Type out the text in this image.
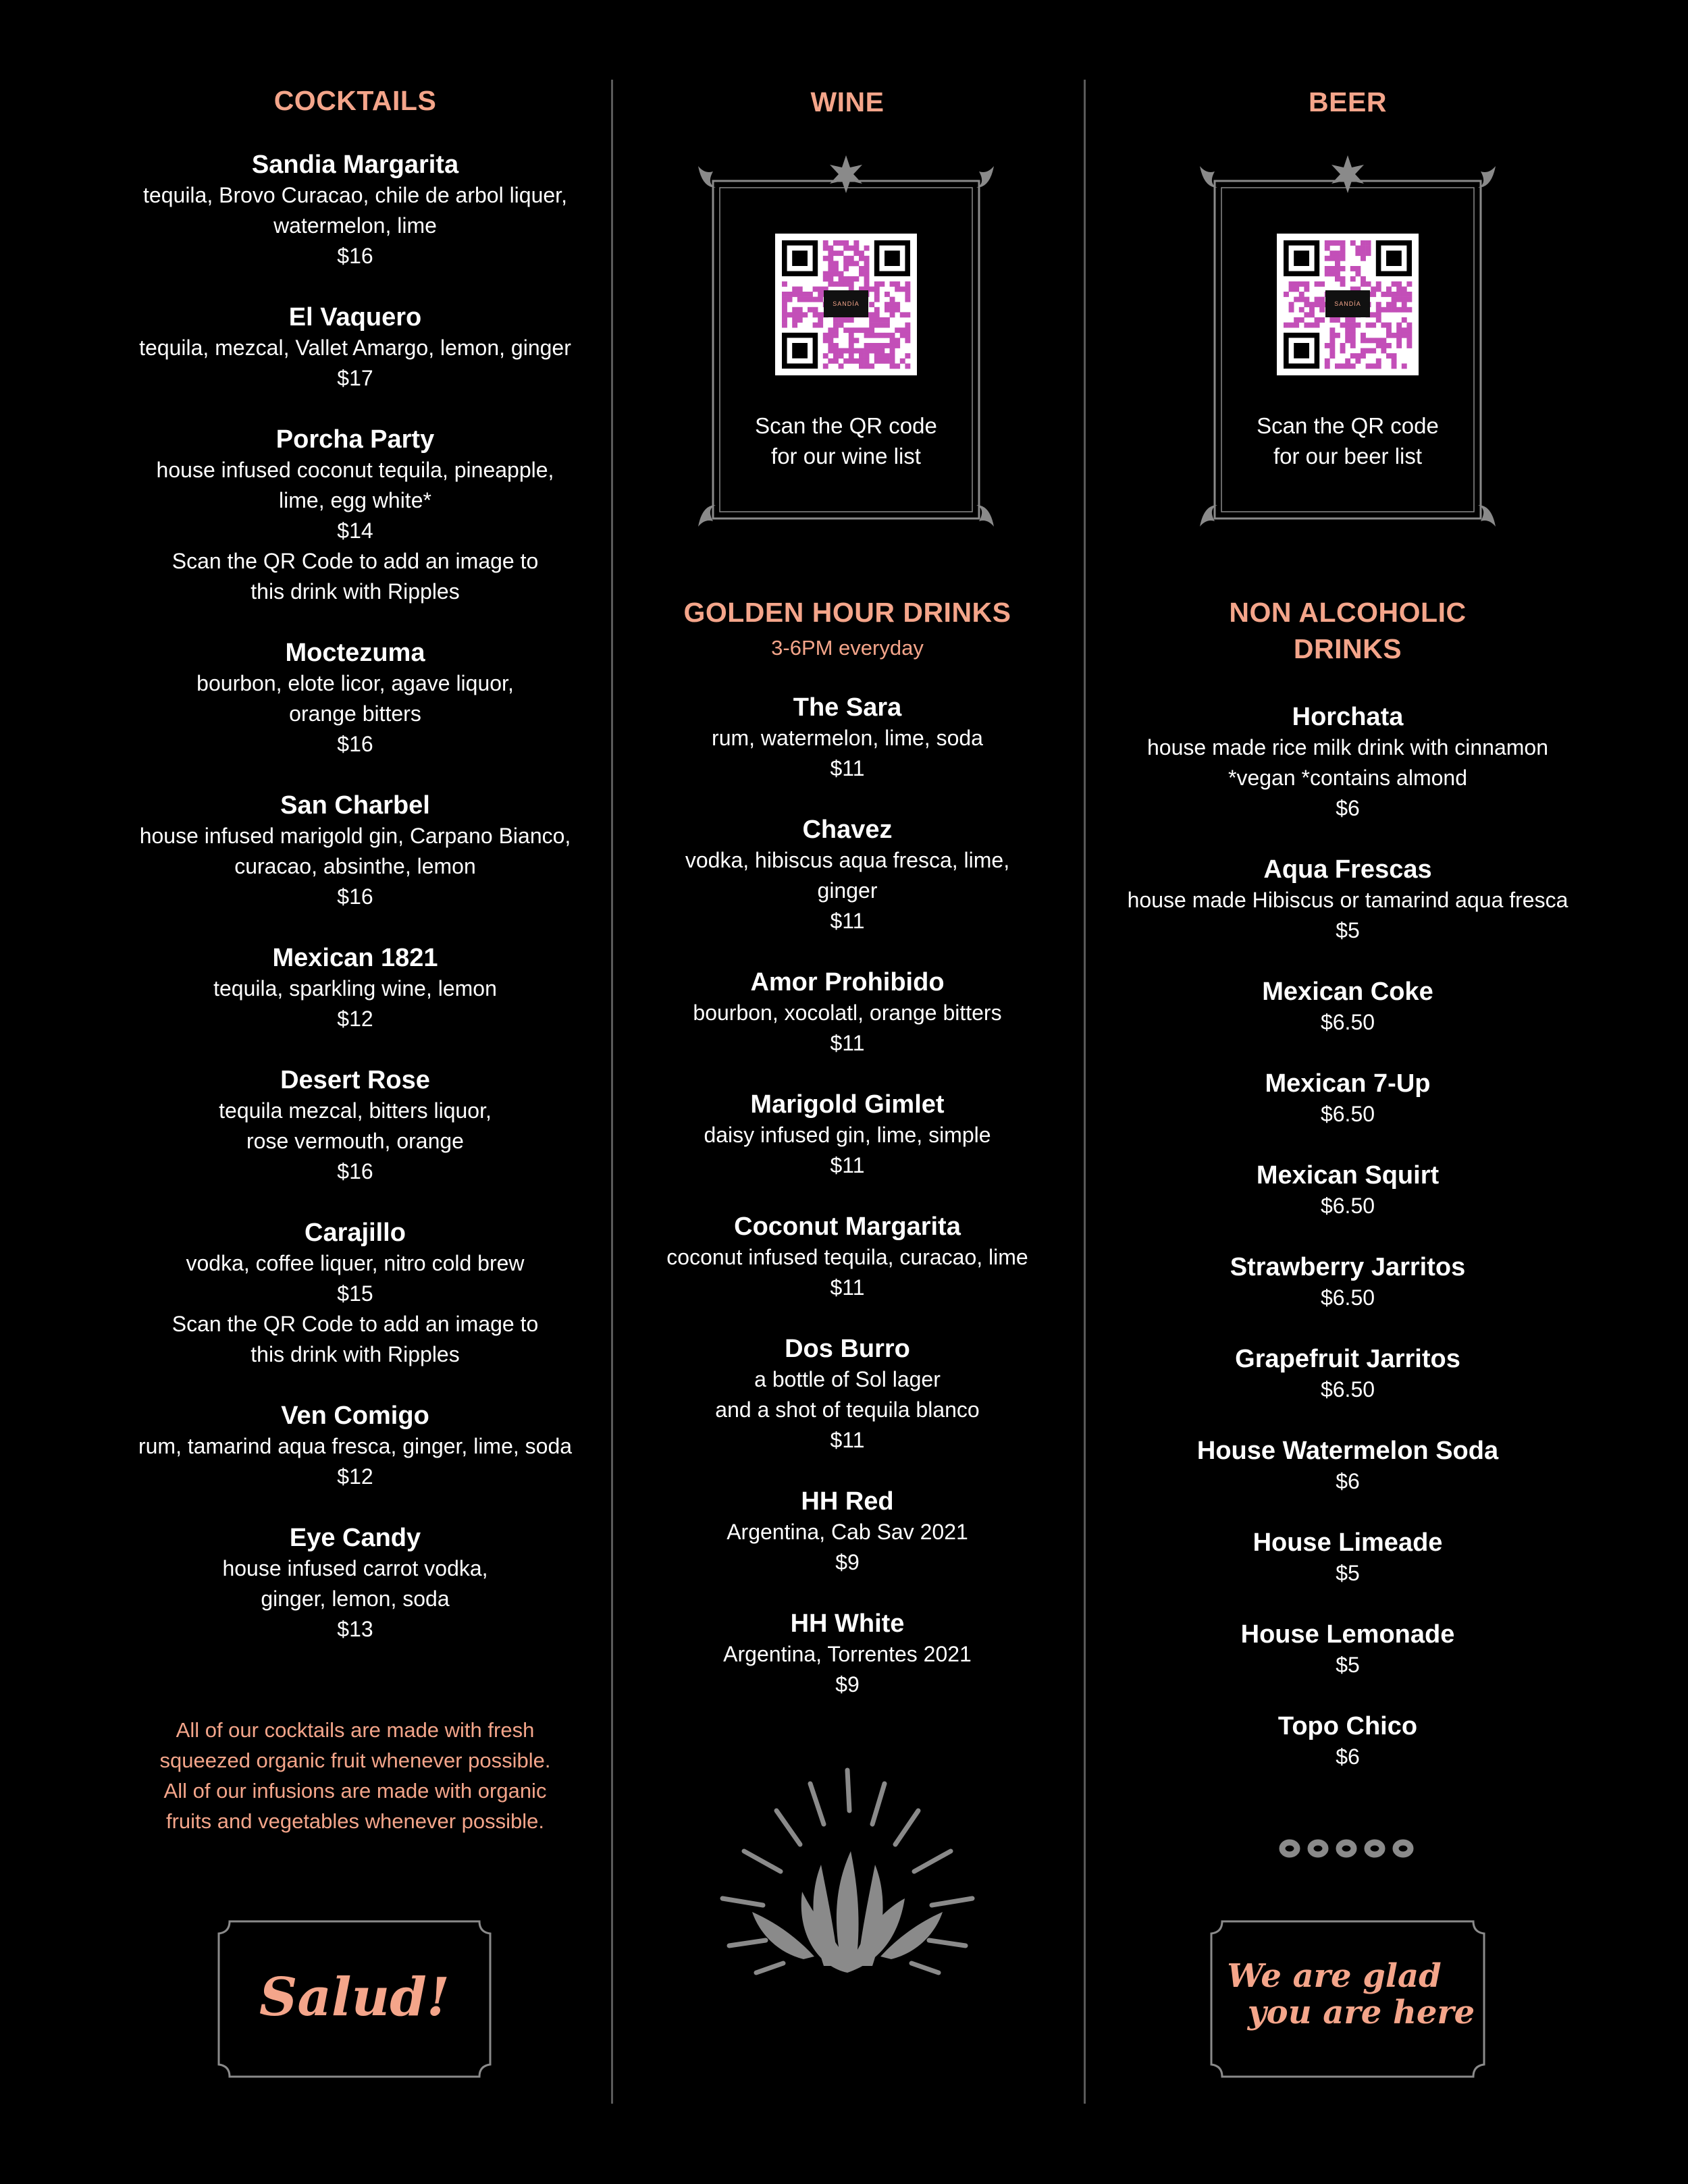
COCKTAILS
Sandia Margarita
tequila, Brovo Curacao, chile de arbol liquer,
watermelon, lime
$16
El Vaquero
tequila, mezcal, Vallet Amargo, lemon, ginger
$17
Porcha Party
house infused coconut tequila, pineapple,
lime, egg white*
$14
Scan the QR Code to add an image to
this drink with Ripples
Moctezuma
bourbon, elote licor, agave liquor,
orange bitters
$16
San Charbel
house infused marigold gin, Carpano Bianco,
curacao, absinthe, lemon
$16
Mexican 1821
tequila, sparkling wine, lemon
$12
Desert Rose
tequila mezcal, bitters liquor,
rose vermouth, orange
$16
Carajillo
vodka, coffee liquer, nitro cold brew
$15
Scan the QR Code to add an image to
this drink with Ripples
Ven Comigo
rum, tamarind aqua fresca, ginger, lime, soda
$12
Eye Candy
house infused carrot vodka,
ginger, lemon, soda
$13
All of our cocktails are made with fresh
squeezed organic fruit whenever possible.
All of our infusions are made with organic
fruits and vegetables whenever possible.
Salud!
WINE
SANDÍA
Scan the QR code
for our wine list
GOLDEN HOUR DRINKS
3-6PM everyday
The Sara
rum, watermelon, lime, soda
$11
Chavez
vodka, hibiscus aqua fresca, lime,
ginger
$11
Amor Prohibido
bourbon, xocolatl, orange bitters
$11
Marigold Gimlet
daisy infused gin, lime, simple
$11
Coconut Margarita
coconut infused tequila, curacao, lime
$11
Dos Burro
a bottle of Sol lager
and a shot of tequila blanco
$11
HH Red
Argentina, Cab Sav 2021
$9
HH White
Argentina, Torrentes 2021
$9
BEER
SANDÍA
Scan the QR code
for our beer list
NON ALCOHOLIC
DRINKS
Horchata
house made rice milk drink with cinnamon
*vegan *contains almond
$6
Aqua Frescas
house made Hibiscus or tamarind aqua fresca
$5
Mexican Coke
$6.50
Mexican 7-Up
$6.50
Mexican Squirt
$6.50
Strawberry Jarritos
$6.50
Grapefruit Jarritos
$6.50
House Watermelon Soda
$6
House Limeade
$5
House Lemonade
$5
Topo Chico
$6
We are glad
you are here
